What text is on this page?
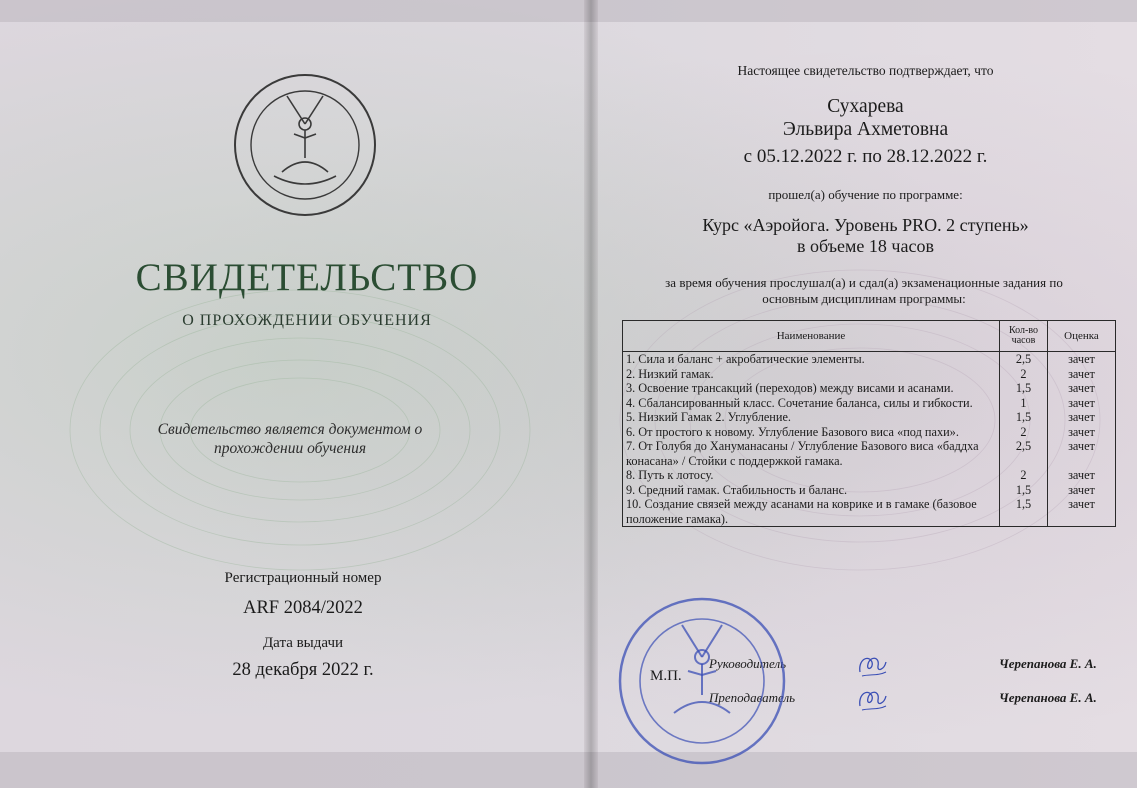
СВИДЕТЕЛЬСТВО
О ПРОХОЖДЕНИИ ОБУЧЕНИЯ
Свидетельство является документом о прохождении обучения
Регистрационный номер
ARF 2084/2022
Дата выдачи
28 декабря 2022 г.
Настоящее свидетельство подтверждает, что
Сухарева
Эльвира Ахметовна
с 05.12.2022 г. по 28.12.2022 г.
прошел(а) обучение по программе:
Курс «Аэройога. Уровень PRO. 2 ступень»
в объеме 18 часов
за время обучения прослушал(а) и сдал(а) экзаменационные задания по основным дисциплинам программы:
Наименование	Кол-во часов	Оценка
1. Сила и баланс + акробатические элементы.	2,5	зачет
2. Низкий гамак.	2	зачет
3. Освоение трансакций (переходов) между висами и асанами.	1,5	зачет
4. Сбалансированный класс. Сочетание баланса, силы и гибкости.	1	зачет
5. Низкий Гамак 2. Углубление.	1,5	зачет
6. От простого к новому. Углубление Базового виса «под пахи».	2	зачет
7. От Голубя до Хануманасаны / Углубление Базового виса «баддха конасана» / Стойки с поддержкой гамака.	2,5	зачет
8. Путь к лотосу.	2	зачет
9. Средний гамак. Стабильность и баланс.	1,5	зачет
10. Создание связей между асанами на коврике и в гамаке (базовое положение гамака).	1,5	зачет
Руководитель	Черепанова Е. А.
Преподаватель	Черепанова Е. А.
М.П.
